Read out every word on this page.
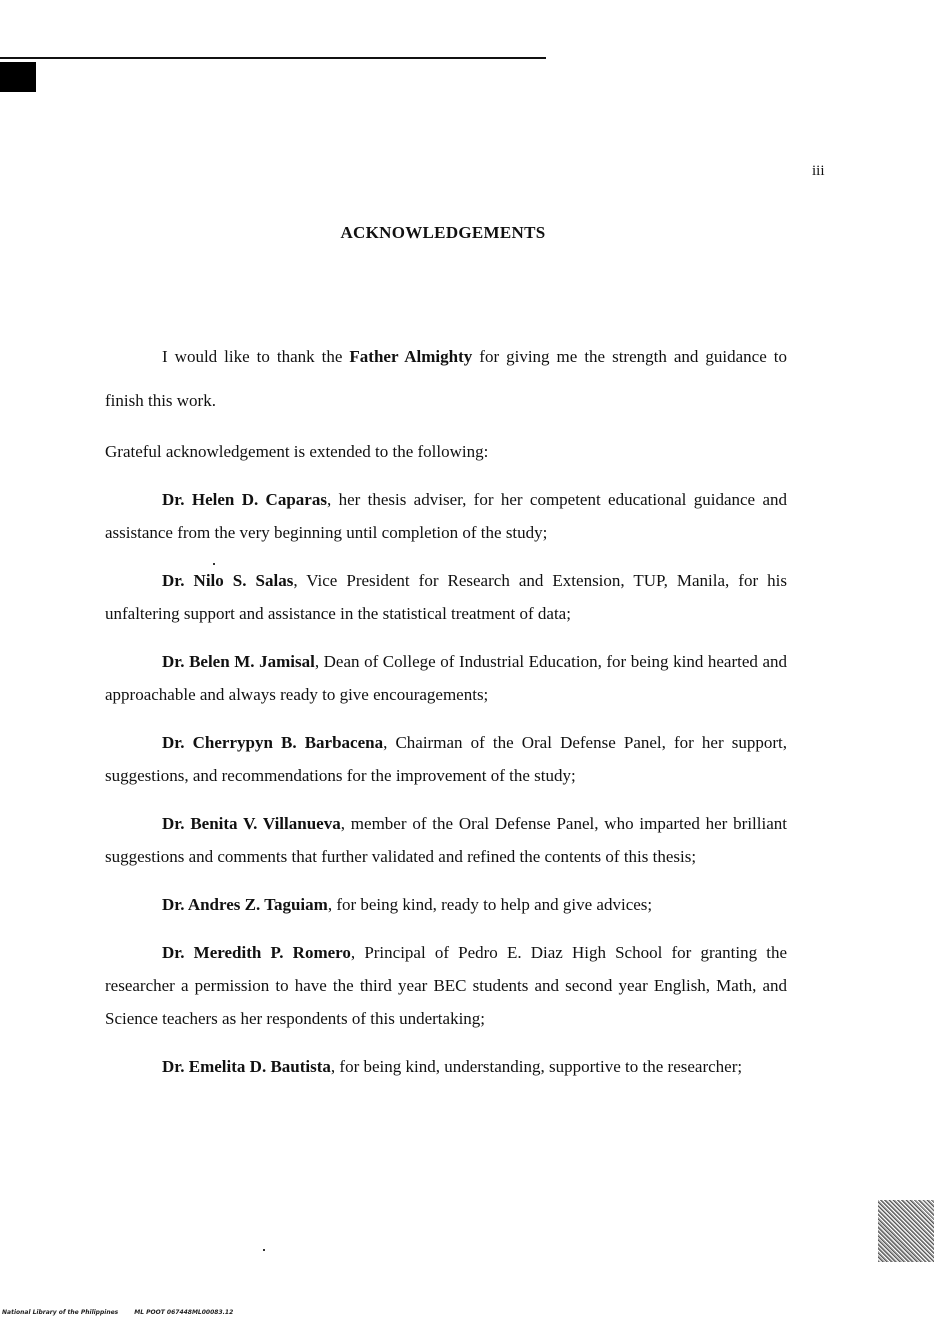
iii
ACKNOWLEDGEMENTS

I would like to thank the Father Almighty for giving me the strength and guidance to finish this work.

Grateful acknowledgement is extended to the following:

Dr. Helen D. Caparas, her thesis adviser, for her competent educational guidance and assistance from the very beginning until completion of the study;

Dr. Nilo S. Salas, Vice President for Research and Extension, TUP, Manila, for his unfaltering support and assistance in the statistical treatment of data;

Dr. Belen M. Jamisal, Dean of College of Industrial Education, for being kind hearted and approachable and always ready to give encouragements;

Dr. Cherrypyn B. Barbacena, Chairman of the Oral Defense Panel, for her support, suggestions, and recommendations for the improvement of the study;

Dr. Benita V. Villanueva, member of the Oral Defense Panel, who imparted her brilliant suggestions and comments that further validated and refined the contents of this thesis;

Dr. Andres Z. Taguiam, for being kind, ready to help and give advices;

Dr. Meredith P. Romero, Principal of Pedro E. Diaz High School for granting the researcher a permission to have the third year BEC students and second year English, Math, and Science teachers as her respondents of this undertaking;

Dr. Emelita D. Bautista, for being kind, understanding, supportive to the researcher;

National Library of the Philippines	ML POOT 067448ML00083.12
